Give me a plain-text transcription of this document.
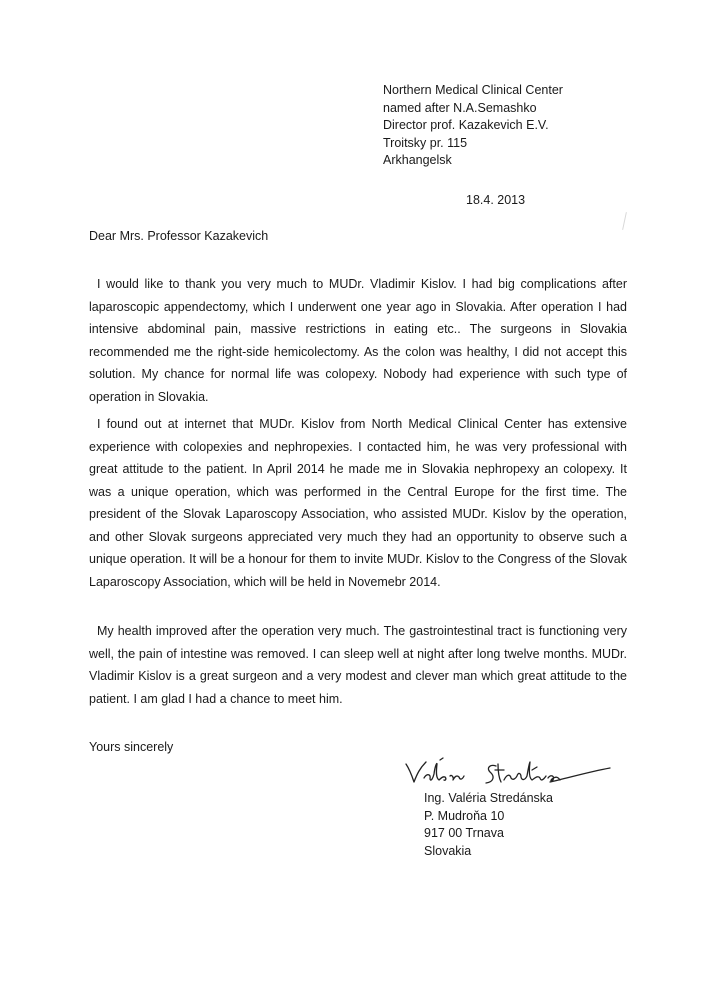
Northern Medical Clinical Center
named after N.A.Semashko
Director prof. Kazakevich E.V.
Troitsky pr. 115
Arkhangelsk
18.4. 2013
Dear Mrs. Professor Kazakevich

I would like to thank you very much to MUDr. Vladimir Kislov. I had big complications after laparoscopic appendectomy, which I underwent one year ago in Slovakia. After operation I had intensive abdominal pain, massive restrictions in eating etc.. The surgeons in Slovakia recommended me the right-side hemicolectomy. As the colon was healthy, I did not accept this solution. My chance for normal life was colopexy. Nobody had experience with such type of operation in Slovakia.

I found out at internet that MUDr. Kislov from North Medical Clinical Center has extensive experience with colopexies and nephropexies. I contacted him, he was very professional with great attitude to the patient. In April 2014 he made me in Slovakia nephropexy an colopexy. It was a unique operation, which was performed in the Central Europe for the first time. The president of the Slovak Laparoscopy Association, who assisted MUDr. Kislov by the operation, and other Slovak surgeons appreciated very much they had an opportunity to observe such a unique operation. It will be a honour for them to invite MUDr. Kislov to the Congress of the Slovak Laparoscopy Association, which will be held in Novemebr 2014.

My health improved after the operation very much. The gastrointestinal tract is functioning very well, the pain of intestine was removed. I can sleep well at night after long twelve months. MUDr. Vladimir Kislov is a great surgeon and a very modest and clever man which great attitude to the patient. I am glad I had a chance to meet him.

Yours sincerely
Ing. Valéria Stredánska
P. Mudroňa 10
917 00 Trnava
Slovakia
